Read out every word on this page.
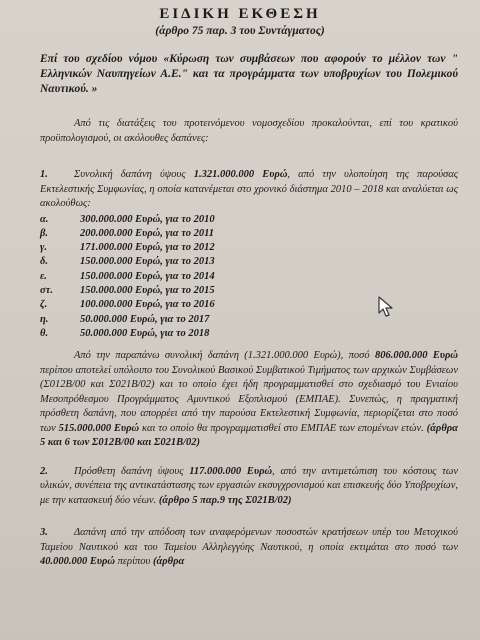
ΕΙΔΙΚΗ ΕΚΘΕΣΗ
(άρθρο 75 παρ. 3 του Συντάγματος)

Επί του σχεδίου νόμου «Κύρωση των συμβάσεων που αφορούν το μέλλον των " Ελληνικών Ναυπηγείων Α.Ε." και τα προγράμματα των υποβρυχίων του Πολεμικού Ναυτικού. »

Από τις διατάξεις του προτεινόμενου νομοσχεδίου προκαλούνται, επί του κρατικού προϋπολογισμού, οι ακόλουθες δαπάνες:

1. Συνολική δαπάνη ύψους 1.321.000.000 Ευρώ, από την υλοποίηση της παρούσας Εκτελεστικής Συμφωνίας, η οποία κατανέμεται στο χρονικό διάστημα 2010 – 2018 και αναλύεται ως ακολούθως:

α.	300.000.000 Ευρώ, για το 2010
β.	200.000.000 Ευρώ, για το 2011
γ.	171.000.000 Ευρώ, για το 2012
δ.	150.000.000 Ευρώ, για το 2013
ε.	150.000.000 Ευρώ, για το 2014
στ.	150.000.000 Ευρώ, για το 2015
ζ.	100.000.000 Ευρώ, για το 2016
η.	50.000.000 Ευρώ, για το 2017
θ.	50.000.000 Ευρώ, για το 2018

Από την παραπάνω συνολική δαπάνη (1.321.000.000 Ευρώ), ποσό 806.000.000 Ευρώ περίπου αποτελεί υπόλοιπο του Συνολικού Βασικού Συμβατικού Τιμήματος των αρχικών Συμβάσεων (Σ012Β/00 και Σ021Β/02) και το οποίο έχει ήδη προγραμματισθεί στο σχεδιασμό του Ενιαίου Μεσοπρόθεσμου Προγράμματος Αμυντικού Εξοπλισμού (ΕΜΠΑΕ). Συνεπώς, η πραγματική πρόσθετη δαπάνη, που απορρέει από την παρούσα Εκτελεστική Συμφωνία, περιορίζεται στο ποσό των 515.000.000 Ευρώ και το οποίο θα προγραμματισθεί στο ΕΜΠΑΕ των επομένων ετών. (άρθρα 5 και 6 των Σ012Β/00 και Σ021Β/02)

2. Πρόσθετη δαπάνη ύψους 117.000.000 Ευρώ, από την αντιμετώπιση του κόστους των υλικών, συνέπεια της αντικατάστασης των εργασιών εκσυγχρονισμού και επισκευής δύο Υποβρυχίων, με την κατασκευή δύο νέων. (άρθρο 5 παρ.9 της Σ021Β/02)

3. Δαπάνη από την απόδοση των αναφερόμενων ποσοστών κρατήσεων υπέρ του Μετοχικού Ταμείου Ναυτικού και του Ταμείου Αλληλεγγύης Ναυτικού, η οποία εκτιμάται στο ποσό των 40.000.000 Ευρώ περίπου (άρθρα
